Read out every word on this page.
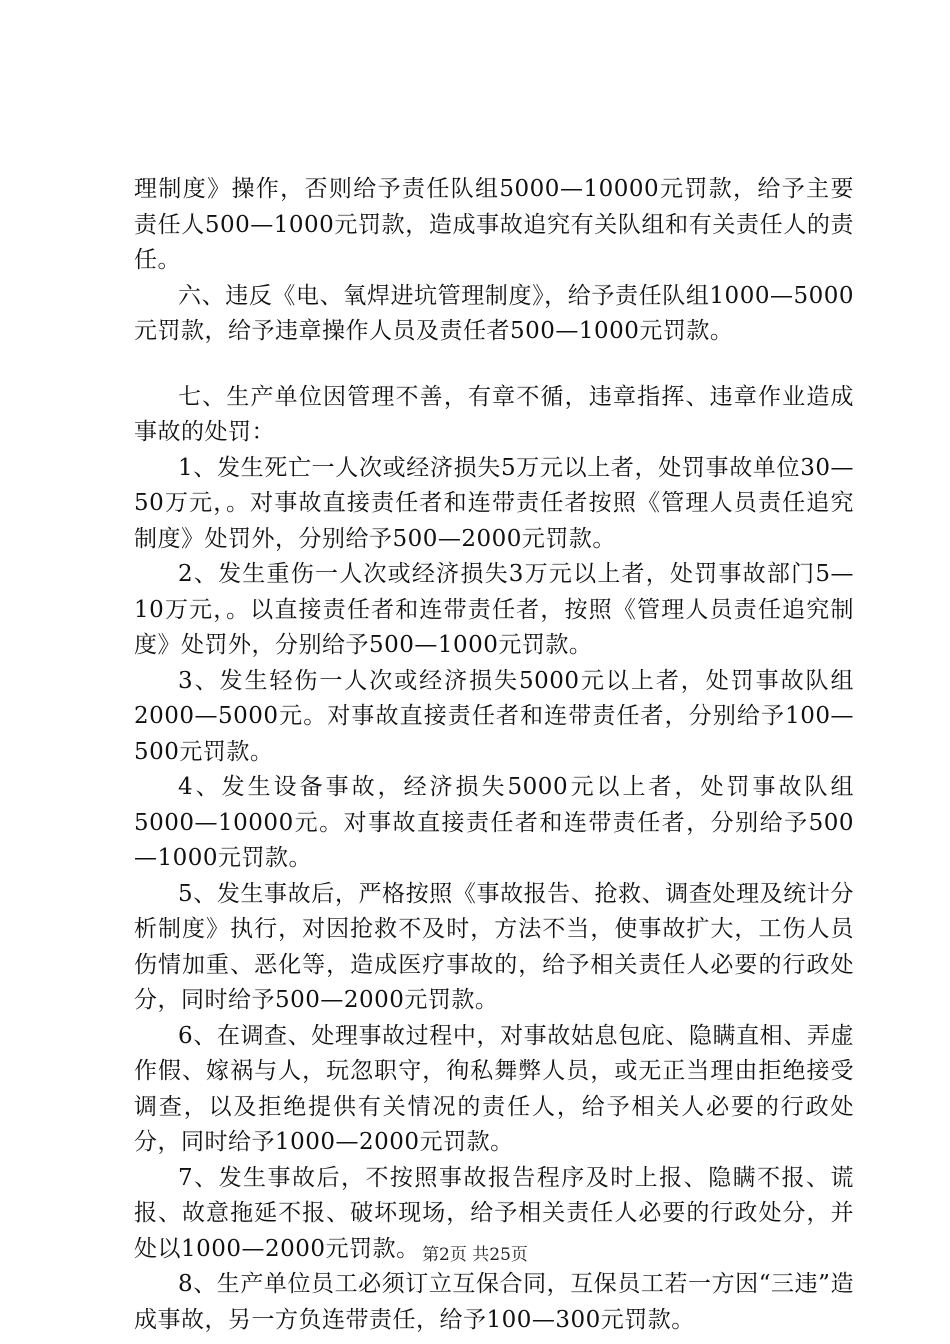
理制度》操作，否则给予责任队组5000—10000元罚款，给予主要责任人500—1000元罚款，造成事故追究有关队组和有关责任人的责任。

六、违反《电、氧焊进坑管理制度》，给予责任队组1000—5000元罚款，给予违章操作人员及责任者500—1000元罚款。

七、生产单位因管理不善，有章不循，违章指挥、违章作业造成事故的处罚：

1、发生死亡一人次或经济损失5万元以上者，处罚事故单位30—50万元，。对事故直接责任者和连带责任者按照《管理人员责任追究制度》处罚外，分别给予500—2000元罚款。

2、发生重伤一人次或经济损失3万元以上者，处罚事故部门5—10万元，。以直接责任者和连带责任者，按照《管理人员责任追究制度》处罚外，分别给予500—1000元罚款。

3、发生轻伤一人次或经济损失5000元以上者，处罚事故队组2000—5000元。对事故直接责任者和连带责任者，分别给予100—500元罚款。

4、发生设备事故，经济损失5000元以上者，处罚事故队组5000—10000元。对事故直接责任者和连带责任者，分别给予500—1000元罚款。

5、发生事故后，严格按照《事故报告、抢救、调查处理及统计分析制度》执行，对因抢救不及时，方法不当，使事故扩大，工伤人员伤情加重、恶化等，造成医疗事故的，给予相关责任人必要的行政处分，同时给予500—2000元罚款。

6、在调查、处理事故过程中，对事故姑息包庇、隐瞒直相、弄虚作假、嫁祸与人，玩忽职守，徇私舞弊人员，或无正当理由拒绝接受调查，以及拒绝提供有关情况的责任人，给予相关人必要的行政处分，同时给予1000—2000元罚款。

7、发生事故后，不按照事故报告程序及时上报、隐瞒不报、谎报、故意拖延不报、破坏现场，给予相关责任人必要的行政处分，并处以1000—2000元罚款。

8、生产单位员工必须订立互保合同，互保员工若一方因“三违”造成事故，另一方负连带责任，给予100—300元罚款。

第2页 共25页
